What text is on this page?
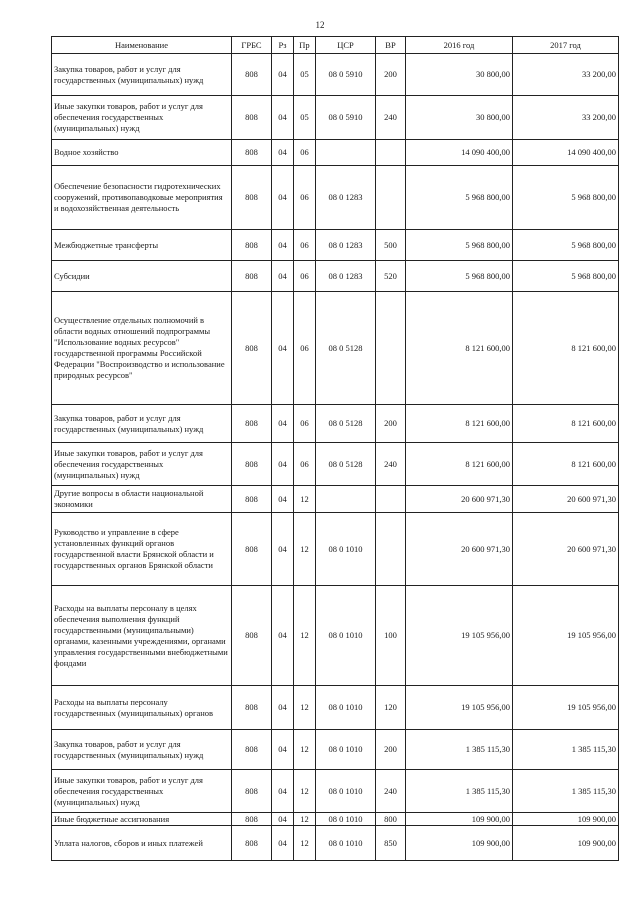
12
Наименование	ГРБС	Рз	Пр	ЦСР	ВР	2016 год	2017 год
Закупка товаров, работ и услуг для государственных (муниципальных) нужд	808	04	05	08 0 5910	200	30 800,00	33 200,00
Иные закупки товаров, работ и услуг для обеспечения государственных (муниципальных) нужд	808	04	05	08 0 5910	240	30 800,00	33 200,00
Водное хозяйство	808	04	06			14 090 400,00	14 090 400,00
Обеспечение безопасности гидротехнических сооружений, противопаводковые мероприятия и водохозяйственная деятельность	808	04	06	08 0 1283		5 968 800,00	5 968 800,00
Межбюджетные трансферты	808	04	06	08 0 1283	500	5 968 800,00	5 968 800,00
Субсидии	808	04	06	08 0 1283	520	5 968 800,00	5 968 800,00
Осуществление отдельных полномочий в области водных отношений подпрограммы "Использование водных ресурсов" государственной программы Российской Федерации "Воспроизводство и использование природных ресурсов"	808	04	06	08 0 5128		8 121 600,00	8 121 600,00
Закупка товаров, работ и услуг для государственных (муниципальных) нужд	808	04	06	08 0 5128	200	8 121 600,00	8 121 600,00
Иные закупки товаров, работ и услуг для обеспечения государственных (муниципальных) нужд	808	04	06	08 0 5128	240	8 121 600,00	8 121 600,00
Другие вопросы в области национальной экономики	808	04	12			20 600 971,30	20 600 971,30
Руководство и управление в сфере установленных функций органов государственной власти Брянской области и государственных органов Брянской области	808	04	12	08 0 1010		20 600 971,30	20 600 971,30
Расходы на выплаты персоналу в целях обеспечения выполнения функций государственными (муниципальными) органами, казенными учреждениями, органами управления государственными внебюджетными фондами	808	04	12	08 0 1010	100	19 105 956,00	19 105 956,00
Расходы на выплаты персоналу государственных (муниципальных) органов	808	04	12	08 0 1010	120	19 105 956,00	19 105 956,00
Закупка товаров, работ и услуг для государственных (муниципальных) нужд	808	04	12	08 0 1010	200	1 385 115,30	1 385 115,30
Иные закупки товаров, работ и услуг для обеспечения государственных (муниципальных) нужд	808	04	12	08 0 1010	240	1 385 115,30	1 385 115,30
Иные бюджетные ассигнования	808	04	12	08 0 1010	800	109 900,00	109 900,00
Уплата налогов, сборов и иных платежей	808	04	12	08 0 1010	850	109 900,00	109 900,00
